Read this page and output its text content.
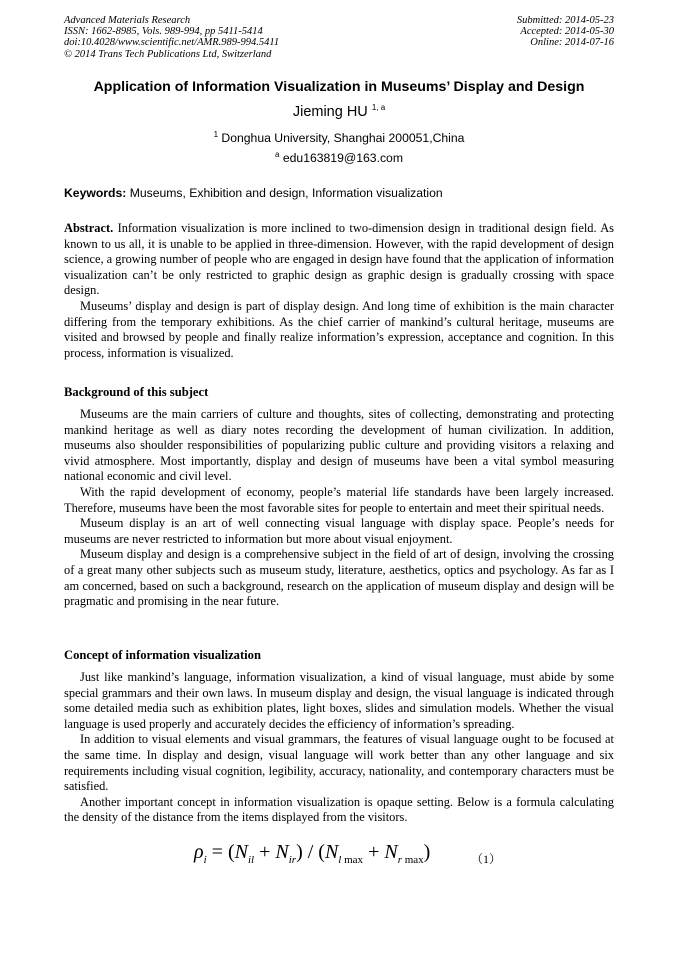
Advanced Materials Research
ISSN: 1662-8985, Vols. 989-994, pp 5411-5414
doi:10.4028/www.scientific.net/AMR.989-994.5411
© 2014 Trans Tech Publications Ltd, Switzerland
Submitted: 2014-05-23
Accepted: 2014-05-30
Online: 2014-07-16
Application of Information Visualization in Museums’ Display and Design
Jieming HU $^{1, a}$
$^1$ Donghua University, Shanghai 200051,China
$^a$ edu163819@163.com
Keywords: Museums, Exhibition and design, Information visualization

Abstract. Information visualization is more inclined to two-dimension design in traditional design field. As known to us all, it is unable to be applied in three-dimension. However, with the rapid development of design science, a growing number of people who are engaged in design have found that the application of information visualization can’t be only restricted to graphic design as graphic design is gradually crossing with space design.

Museums’ display and design is part of display design. And long time of exhibition is the main character differing from the temporary exhibitions. As the chief carrier of mankind’s cultural heritage, museums are visited and browsed by people and finally realize information’s expression, acceptance and cognition. In this process, information is visualized.

Background of this subject

Museums are the main carriers of culture and thoughts, sites of collecting, demonstrating and protecting mankind heritage as well as diary notes recording the development of human civilization. In addition, museums also shoulder responsibilities of popularizing public culture and providing visitors a relaxing and vivid atmosphere. Most importantly, display and design of museums have been a vital symbol measuring national economic and civil level.

With the rapid development of economy, people’s material life standards have been largely increased. Therefore, museums have been the most favorable sites for people to entertain and meet their spiritual needs.

Museum display is an art of well connecting visual language with display space. People’s needs for museums are never restricted to information but more about visual enjoyment.

Museum display and design is a comprehensive subject in the field of art of design, involving the crossing of a great many other subjects such as museum study, literature, aesthetics, optics and psychology. As far as I am concerned, based on such a background, research on the application of museum display and design will be pragmatic and promising in the near future.

Concept of information visualization

Just like mankind’s language, information visualization, a kind of visual language, must abide by some special grammars and their own laws. In museum display and design, the visual language is indicated through some detailed media such as exhibition plates, light boxes, slides and simulation models. Whether the visual language is used properly and accurately decides the efficiency of information’s spreading.

In addition to visual elements and visual grammars, the features of visual language ought to be focused at the same time. In display and design, visual language will work better than any other language and six requirements including visual cognition, legibility, accuracy, nationality, and contemporary characters must be satisfied.

Another important concept in information visualization is opaque setting. Below is a formula calculating the density of the distance from the items displayed from the visitors.

$\rho_i = (N_{il} + N_{ir}) / (N_{l max} + N_{r max})$	（1）
